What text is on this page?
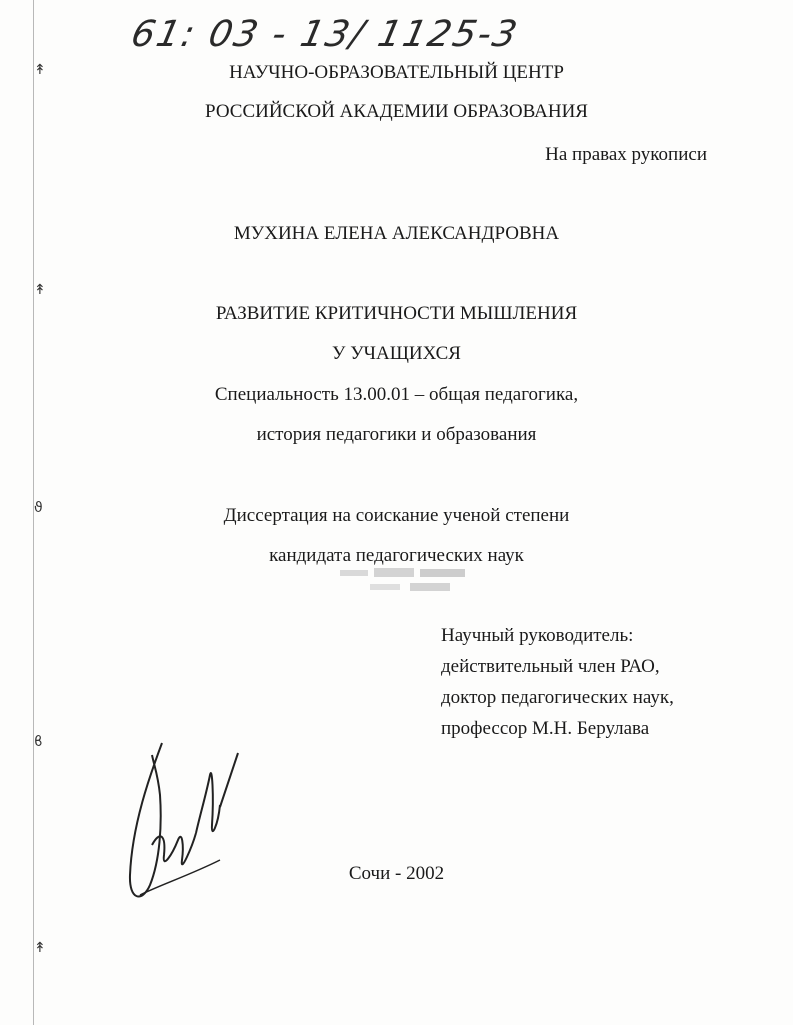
↟
↟
ϑ
ϐ
↟
61: 03 - 13/ 1125-3
НАУЧНО-ОБРАЗОВАТЕЛЬНЫЙ ЦЕНТР
РОССИЙСКОЙ АКАДЕМИИ ОБРАЗОВАНИЯ
На правах рукописи
МУХИНА ЕЛЕНА АЛЕКСАНДРОВНА
РАЗВИТИЕ КРИТИЧНОСТИ МЫШЛЕНИЯ
У УЧАЩИХСЯ
Специальность 13.00.01 – общая педагогика,
история педагогики и образования
Диссертация на соискание ученой степени
кандидата педагогических наук
Научный руководитель:
действительный член РАО,
доктор педагогических наук,
профессор М.Н. Берулава
Сочи - 2002
